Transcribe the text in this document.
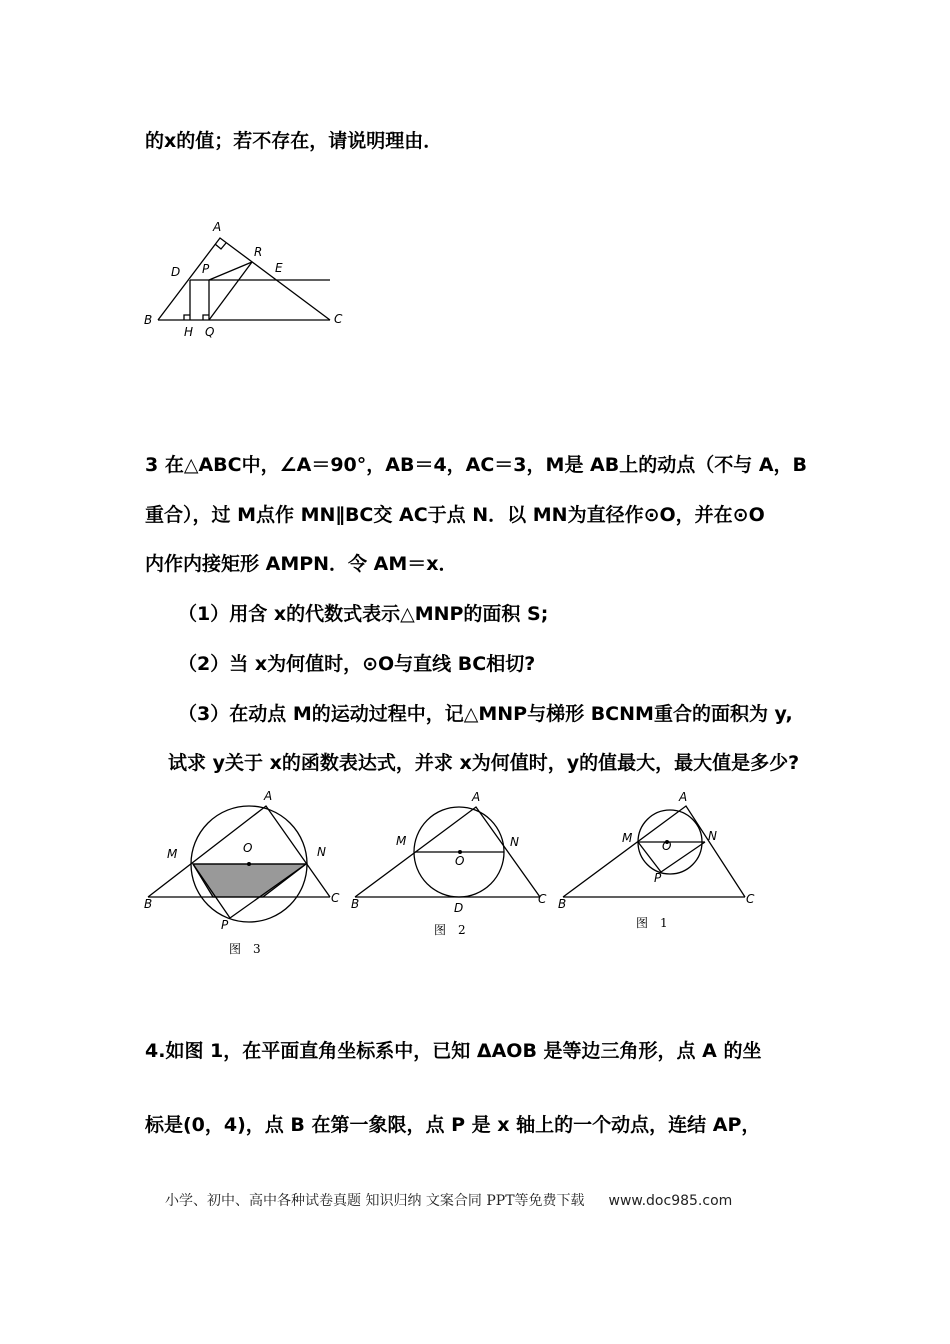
的x的值；若不存在，请说明理由．
3 在△ABC中，∠A＝90°，AB＝4，AC＝3，M是 AB上的动点（不与 A，B
重合），过 M点作 MN∥BC交 AC于点 N．以 MN为直径作⊙O，并在⊙O
内作内接矩形 AMPN．令 AM＝x．
（1）用含 x的代数式表示△MNP的面积 S;
（2）当 x为何值时，⊙O与直线 BC相切?
（3）在动点 M的运动过程中，记△MNP与梯形 BCNM重合的面积为 y,
试求 y关于 x的函数表达式，并求 x为何值时，y的值最大，最大值是多少?
4.如图 1，在平面直角坐标系中，已知 ΔAOB 是等边三角形，点 A 的坐
标是(0，4)，点 B 在第一象限，点 P 是 x 轴上的一个动点，连结 AP，
A
R
D P	E
B	C
H Q
A
M	O	N
B	C
P
图　3
A
M	N
O
B	C
D
图　2
A
M	N
O
P
B	C
图　1
小学、初中、高中各种试卷真题 知识归纳 文案合同 PPT等免费下载 www.doc985.com
